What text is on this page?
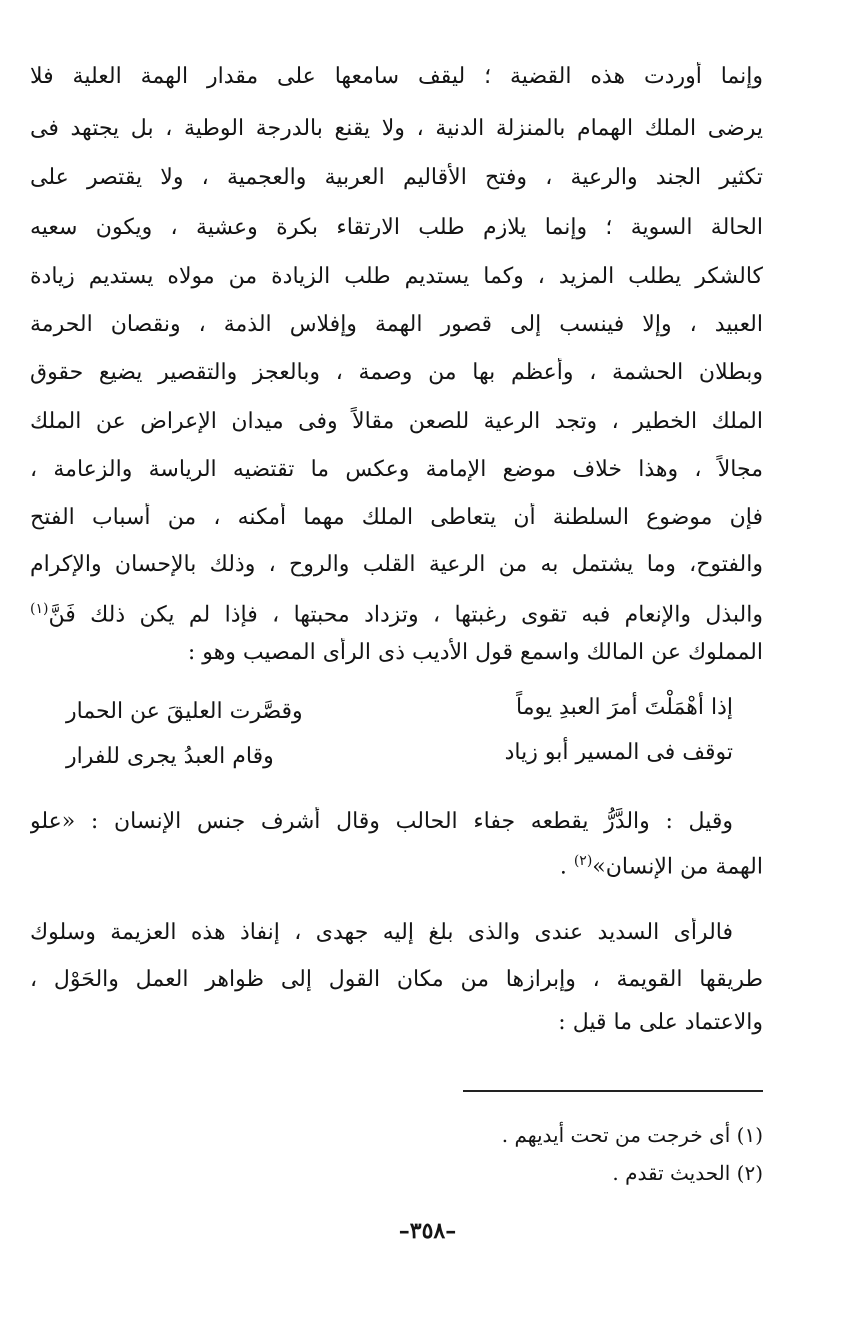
وإنما أوردت هذه القضية ؛ ليقف سامعها على مقدار الهمة العلية فلا
يرضى الملك الهمام بالمنزلة الدنية ، ولا يقنع بالدرجة الوطية ، بل يجتهد فى
تكثير الجند والرعية ، وفتح الأقاليم العربية والعجمية ، ولا يقتصر على
الحالة السوية ؛ وإنما يلازم طلب الارتقاء بكرة وعشية ، ويكون سعيه
كالشكر يطلب المزيد ، وكما يستديم طلب الزيادة من مولاه يستديم زيادة
العبيد ، وإلا فينسب إلى قصور الهمة وإفلاس الذمة ، ونقصان الحرمة
وبطلان الحشمة ، وأعظم بها من وصمة ، وبالعجز والتقصير يضيع حقوق
الملك الخطير ، وتجد الرعية للصعن مقالاً وفى ميدان الإعراض عن الملك
مجالاً ، وهذا خلاف موضع الإمامة وعكس ما تقتضيه الرياسة والزعامة ،
فإن موضوع السلطنة أن يتعاطى الملك مهما أمكنه ، من أسباب الفتح
والفتوح، وما يشتمل به من الرعية القلب والروح ، وذلك بالإحسان والإكرام
والبذل والإنعام فبه تقوى رغبتها ، وتزداد محبتها ، فإذا لم يكن ذلك فَنَّ$^{(١)}$
المملوك عن المالك واسمع قول الأديب ذى الرأى المصيب وهو :
إذا أهْمَلْتَ أمرَ العبدِ يوماً
وقصَّرت العليقَ عن الحمار
توقف فى المسير أبو زياد
وقام العبدُ يجرى للفرار
وقيل : والدَّرُّ يقطعه جفاء الحالب وقال أشرف جنس الإنسان : «علو
الهمة من الإنسان»$^{(٢)}$ .
فالرأى السديد عندى والذى بلغ إليه جهدى ، إنفاذ هذه العزيمة وسلوك
طريقها القويمة ، وإبرازها من مكان القول إلى ظواهر العمل والحَوْل ،
والاعتماد على ما قيل :
(١) أى خرجت من تحت أيديهم .
(٢) الحديث تقدم .
–٣٥٨–
